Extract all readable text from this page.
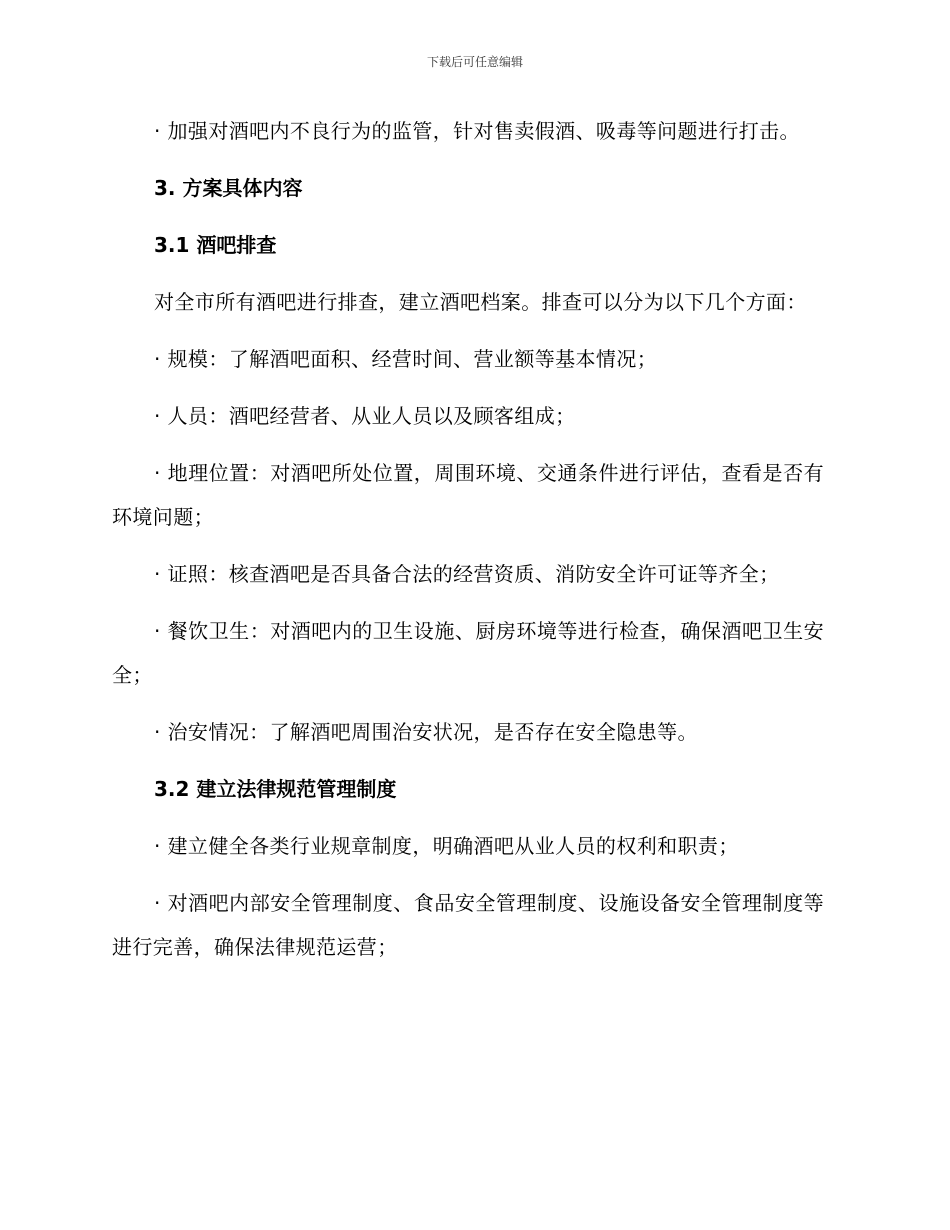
下载后可任意编辑

· 加强对酒吧内不良行为的监管，针对售卖假酒、吸毒等问题进行打击。

3. 方案具体内容

3.1 酒吧排查

对全市所有酒吧进行排查，建立酒吧档案。排查可以分为以下几个方面：

· 规模：了解酒吧面积、经营时间、营业额等基本情况；

· 人员：酒吧经营者、从业人员以及顾客组成；

· 地理位置：对酒吧所处位置，周围环境、交通条件进行评估，查看是否有环境问题；

· 证照：核查酒吧是否具备合法的经营资质、消防安全许可证等齐全；

· 餐饮卫生：对酒吧内的卫生设施、厨房环境等进行检查，确保酒吧卫生安全；

· 治安情况：了解酒吧周围治安状况，是否存在安全隐患等。

3.2 建立法律规范管理制度

· 建立健全各类行业规章制度，明确酒吧从业人员的权利和职责；

· 对酒吧内部安全管理制度、食品安全管理制度、设施设备安全管理制度等进行完善，确保法律规范运营；
